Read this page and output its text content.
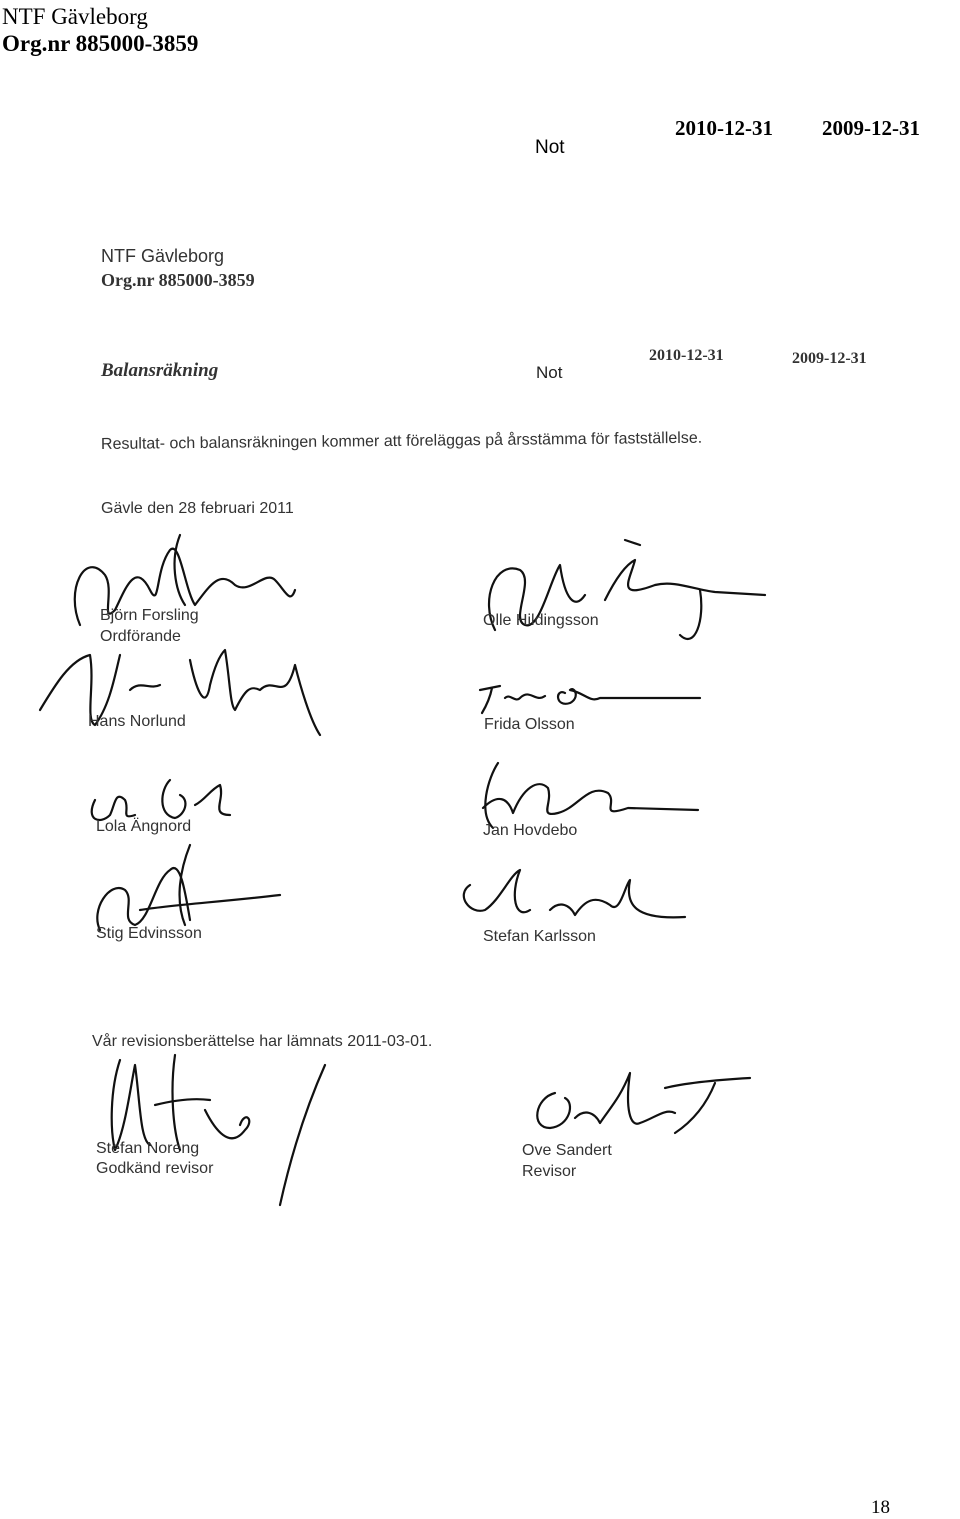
NTF Gävleborg
Org.nr 885000-3859
2010-12-31 2009-12-31
Not
NTF Gävleborg
Org.nr 885000-3859
Balansräkning	Not
2010-12-31	2009-12-31
Resultat- och balansräkningen kommer att föreläggas på årsstämma för fastställelse.
Gävle den 28 februari 2011
Björn Forsling
Ordförande
Olle Hildingsson
Hans Norlund	Frida Olsson
Lola Ängnord	Jan Hovdebo
Stig Edvinsson	Stefan Karlsson
Vår revisionsberättelse har lämnats 2011-03-01.
Stefan Noreng
Godkänd revisor
Ove Sandert
Revisor
18
